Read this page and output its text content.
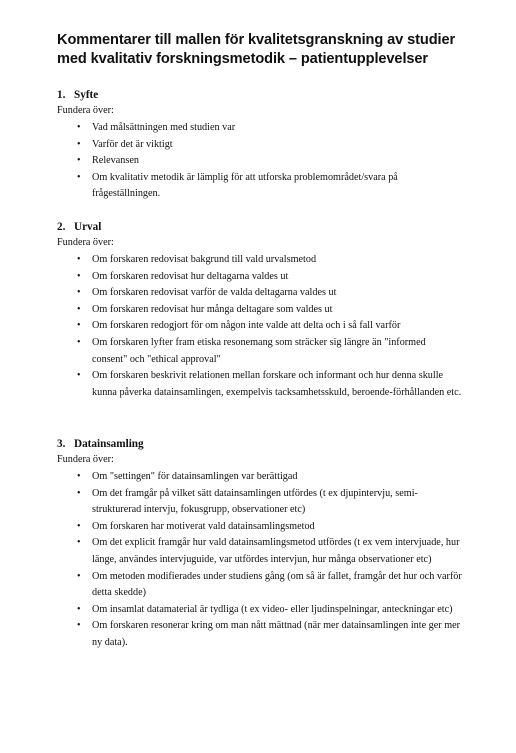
Kommentarer till mallen för kvalitetsgranskning av studier med kvalitativ forskningsmetodik – patientupplevelser

1. Syfte

Fundera över:

• Vad målsättningen med studien var
• Varför det är viktigt
• Relevansen
• Om kvalitativ metodik är lämplig för att utforska problemområdet/svara på frågeställningen.

2. Urval

Fundera över:

• Om forskaren redovisat bakgrund till vald urvalsmetod
• Om forskaren redovisat hur deltagarna valdes ut
• Om forskaren redovisat varför de valda deltagarna valdes ut
• Om forskaren redovisat hur många deltagare som valdes ut
• Om forskaren redogjort för om någon inte valde att delta och i så fall varför
• Om forskaren lyfter fram etiska resonemang som sträcker sig längre än "informed consent" och "ethical approval"
• Om forskaren beskrivit relationen mellan forskare och informant och hur denna skulle kunna påverka datainsamlingen, exempelvis tacksamhetsskuld, beroende-förhållanden etc.

3. Datainsamling

Fundera över:

• Om "settingen" för datainsamlingen var berättigad
• Om det framgår på vilket sätt datainsamlingen utfördes (t ex djupintervju, semi-strukturerad intervju, fokusgrupp, observationer etc)
• Om forskaren har motiverat vald datainsamlingsmetod
• Om det explicit framgår hur vald datainsamlingsmetod utfördes (t ex vem intervjuade, hur länge, användes intervjuguide, var utfördes intervjun, hur många observationer etc)
• Om metoden modifierades under studiens gång (om så är fallet, framgår det hur och varför detta skedde)
• Om insamlat datamaterial är tydliga (t ex video- eller ljudinspelningar, anteckningar etc)
• Om forskaren resonerar kring om man nått mättnad (när mer datainsamlingen inte ger mer ny data).
